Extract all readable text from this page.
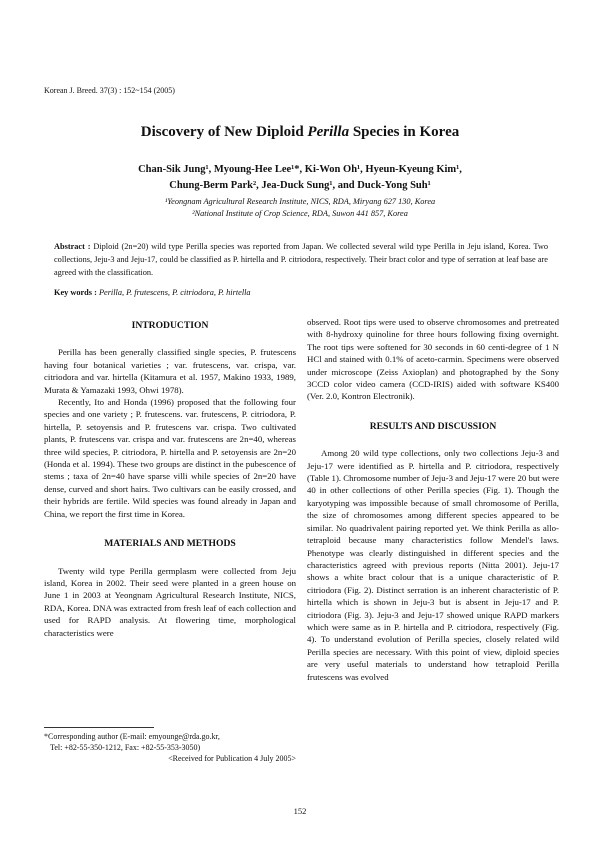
Korean J. Breed. 37(3) : 152~154 (2005)
Discovery of New Diploid Perilla Species in Korea
Chan-Sik Jung¹, Myoung-Hee Lee¹*, Ki-Won Oh¹, Hyeun-Kyeung Kim¹,
Chung-Berm Park², Jea-Duck Sung¹, and Duck-Yong Suh¹
¹Yeongnam Agricultural Research Institute, NICS, RDA, Miryang 627 130, Korea
²National Institute of Crop Science, RDA, Suwon 441 857, Korea
Abstract : Diploid (2n=20) wild type Perilla species was reported from Japan. We collected several wild type Perilla in Jeju island, Korea. Two collections, Jeju-3 and Jeju-17, could be classified as P. hirtella and P. citriodora, respectively. Their bract color and type of serration at leaf base are agreed with the classification.
Key words : Perilla, P. frutescens, P. citriodora, P. hirtella
INTRODUCTION

Perilla has been generally classified single species, P. frutescens having four botanical varieties ; var. frutescens, var. crispa, var. citriodora and var. hirtella (Kitamura et al. 1957, Makino 1933, 1989, Murata & Yamazaki 1993, Ohwi 1978).

Recently, Ito and Honda (1996) proposed that the following four species and one variety ; P. frutescens. var. frutescens, P. citriodora, P. hirtella, P. setoyensis and P. frutescens var. crispa. Two cultivated plants, P. frutescens var. crispa and var. frutescens are 2n=40, whereas three wild species, P. citriodora, P. hirtella and P. setoyensis are 2n=20 (Honda et al. 1994). These two groups are distinct in the pubescence of stems ; taxa of 2n=40 have sparse villi while species of 2n=20 have dense, curved and short hairs. Two cultivars can be easily crossed, and their hybrids are fertile. Wild species was found already in Japan and China, we report the first time in Korea.

MATERIALS AND METHODS

Twenty wild type Perilla germplasm were collected from Jeju island, Korea in 2002. Their seed were planted in a green house on June 1 in 2003 at Yeongnam Agricultural Research Institute, NICS, RDA, Korea. DNA was extracted from fresh leaf of each collection and used for RAPD analysis. At flowering time, morphological characteristics were

observed. Root tips were used to observe chromosomes and pretreated with 8-hydroxy quinoline for three hours following fixing overnight. The root tips were softened for 30 seconds in 60 centi-degree of 1 N HCl and stained with 0.1% of aceto-carmin. Specimens were observed under microscope (Zeiss Axioplan) and photographed by the Sony 3CCD color video camera (CCD-IRIS) aided with software KS400 (Ver. 2.0, Kontron Electronik).

RESULTS AND DISCUSSION

Among 20 wild type collections, only two collections Jeju-3 and Jeju-17 were identified as P. hirtella and P. citriodora, respectively (Table 1). Chromosome number of Jeju-3 and Jeju-17 were 20 but were 40 in other collections of other Perilla species (Fig. 1). Though the karyotyping was impossible because of small chromosome of Perilla, the size of chromosomes among different species appeared to be similar. No quadrivalent pairing reported yet. We think Perilla as allo-tetraploid because many characteristics follow Mendel's laws. Phenotype was clearly distinguished in different species and the characteristics agreed with previous reports (Nitta 2001). Jeju-17 shows a white bract colour that is a unique characteristic of P. citriodora (Fig. 2). Distinct serration is an inherent characteristic of P. hirtella which is shown in Jeju-3 but is absent in Jeju-17 and P. citriodora (Fig. 3). Jeju-3 and Jeju-17 showed unique RAPD markers which were same as in P. hirtella and P. citriodora, respectively (Fig. 4). To understand evolution of Perilla species, closely related wild Perilla species are necessary. With this point of view, diploid species are very useful materials to understand how tetraploid Perilla frutescens was evolved

*Corresponding author (E-mail: emyounge@rda.go.kr,
Tel: +82-55-350-1212, Fax: +82-55-353-3050)
<Received for Publication 4 July 2005>
152
